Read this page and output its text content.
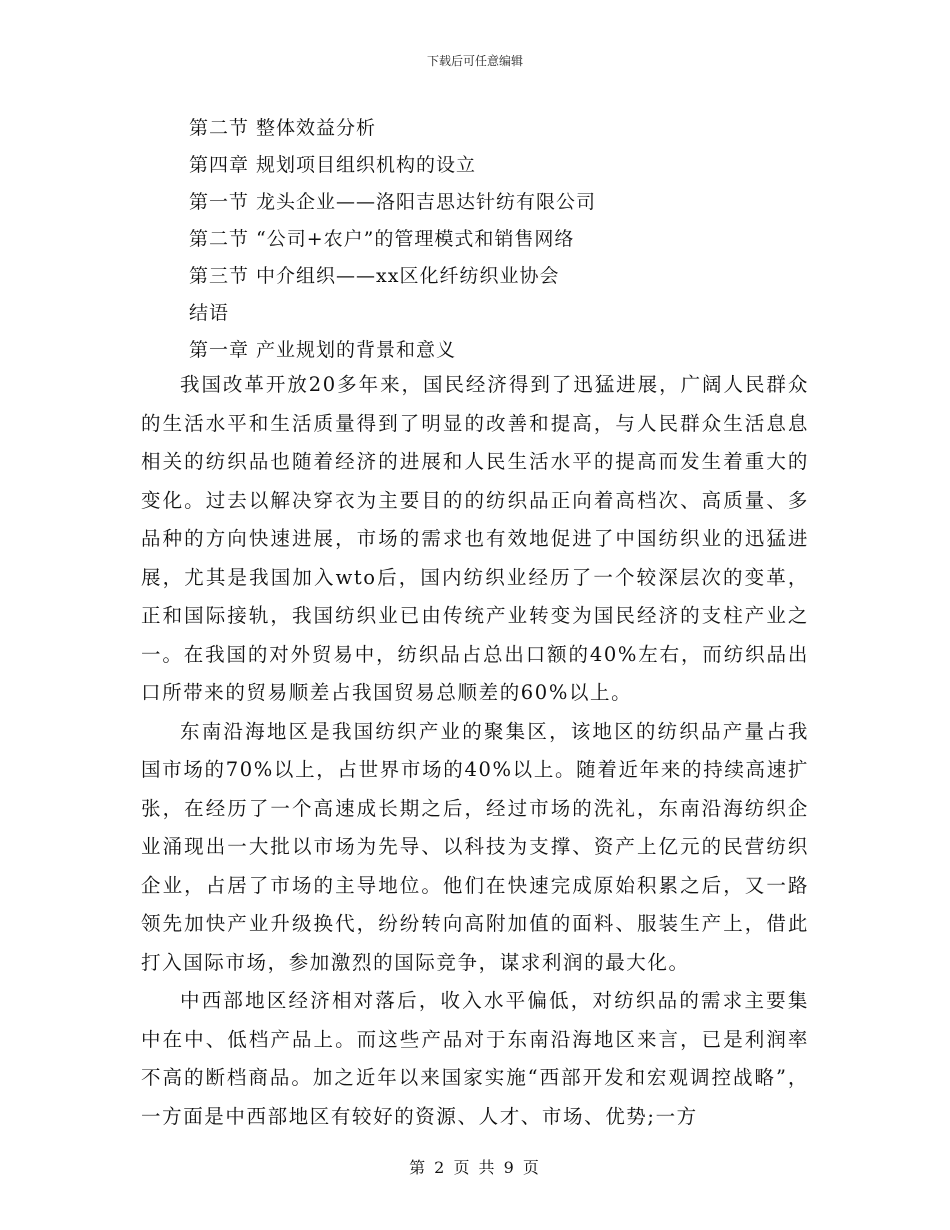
下载后可任意编辑
第二节 整体效益分析
第四章 规划项目组织机构的设立
第一节 龙头企业——洛阳吉思达针纺有限公司
第二节 “公司+农户”的管理模式和销售网络
第三节 中介组织——xx区化纤纺织业协会
结语
第一章 产业规划的背景和意义

我国改革开放20多年来，国民经济得到了迅猛进展，广阔人民群众的生活水平和生活质量得到了明显的改善和提高，与人民群众生活息息相关的纺织品也随着经济的进展和人民生活水平的提高而发生着重大的变化。过去以解决穿衣为主要目的的纺织品正向着高档次、高质量、多品种的方向快速进展，市场的需求也有效地促进了中国纺织业的迅猛进展，尤其是我国加入wto后，国内纺织业经历了一个较深层次的变革，正和国际接轨，我国纺织业已由传统产业转变为国民经济的支柱产业之一。在我国的对外贸易中，纺织品占总出口额的40%左右，而纺织品出口所带来的贸易顺差占我国贸易总顺差的60%以上。

东南沿海地区是我国纺织产业的聚集区，该地区的纺织品产量占我国市场的70%以上，占世界市场的40%以上。随着近年来的持续高速扩张，在经历了一个高速成长期之后，经过市场的洗礼，东南沿海纺织企业涌现出一大批以市场为先导、以科技为支撑、资产上亿元的民营纺织企业，占居了市场的主导地位。他们在快速完成原始积累之后，又一路领先加快产业升级换代，纷纷转向高附加值的面料、服装生产上，借此打入国际市场，参加激烈的国际竞争，谋求利润的最大化。

中西部地区经济相对落后，收入水平偏低，对纺织品的需求主要集中在中、低档产品上。而这些产品对于东南沿海地区来言，已是利润率不高的断档商品。加之近年以来国家实施“西部开发和宏观调控战略”，一方面是中西部地区有较好的资源、人才、市场、优势;一方

第 2 页 共 9 页
